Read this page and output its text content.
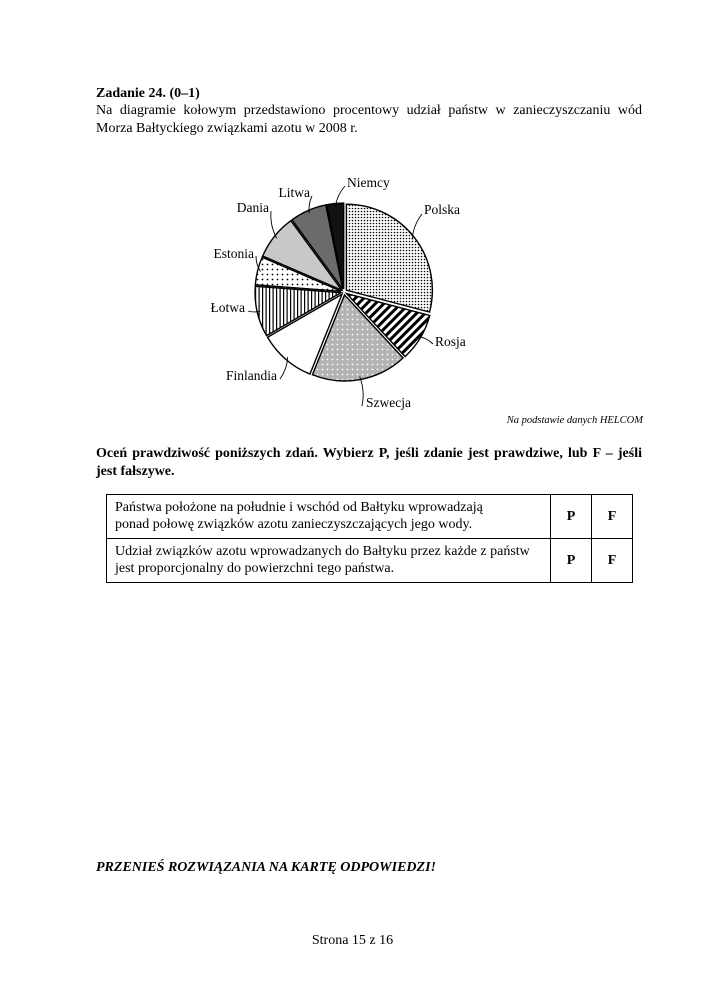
Zadanie 24. (0–1)
Na diagramie kołowym przedstawiono procentowy udział państw w zanieczyszczaniu wód Morza Bałtyckiego związkami azotu w 2008 r.
Polska
Rosja
Szwecja
Finlandia
Łotwa
Estonia
Dania
Litwa
Niemcy
Na podstawie danych HELCOM
Oceń prawdziwość poniższych zdań. Wybierz P, jeśli zdanie jest prawdziwe, lub F – jeśli jest fałszywe.
Państwa położone na południe i wschód od Bałtyku wprowadzają
ponad połowę związków azotu zanieczyszczających jego wody.	P	F
Udział związków azotu wprowadzanych do Bałtyku przez każde z państw
jest proporcjonalny do powierzchni tego państwa.	P	F
PRZENIEŚ ROZWIĄZANIA NA KARTĘ ODPOWIEDZI!
Strona 15 z 16
